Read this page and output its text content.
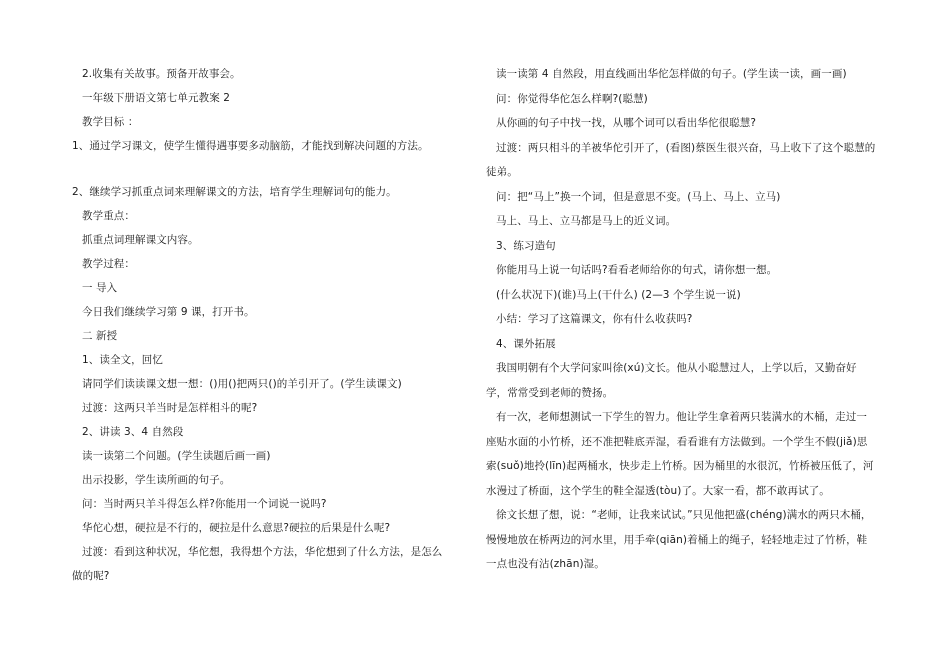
2.收集有关故事。预备开故事会。
一年级下册语文第七单元教案 2
教学目标 ：
1、通过学习课文，使学生懂得遇事要多动脑筋，才能找到解决问题的方法。
2、继续学习抓重点词来理解课文的方法，培育学生理解词句的能力。
教学重点：
抓重点词理解课文内容。
教学过程：
一 导入
今日我们继续学习第 9 课，打开书。
二 新授
1、读全文，回忆
请同学们读读课文想一想：()用()把两只()的羊引开了。(学生读课文)
过渡：这两只羊当时是怎样相斗的呢?
2、讲读 3、4 自然段
读一读第二个问题。(学生读题后画一画)
出示投影，学生读所画的句子。
问：当时两只羊斗得怎么样?你能用一个词说一说吗?
华佗心想，硬拉是不行的，硬拉是什么意思?硬拉的后果是什么呢?
过渡：看到这种状况，华佗想，我得想个方法，华佗想到了什么方法，是怎么做的呢?
读一读第 4 自然段，用直线画出华佗怎样做的句子。(学生读一读，画一画)
问：你觉得华佗怎么样啊?(聪慧)
从你画的句子中找一找，从哪个词可以看出华佗很聪慧?
过渡：两只相斗的羊被华佗引开了，(看图)蔡医生很兴奋，马上收下了这个聪慧的徒弟。
问：把“马上”换一个词，但是意思不变。(马上、马上、立马)
马上、马上、立马都是马上的近义词。
3、练习造句
你能用马上说一句话吗?看看老师给你的句式，请你想一想。
(什么状况下)(谁)马上(干什么) (2—3 个学生说一说)
小结：学习了这篇课文，你有什么收获吗?
4、课外拓展
我国明朝有个大学问家叫徐(xú)文长。他从小聪慧过人，上学以后，又勤奋好学，常常受到老师的赞扬。
有一次，老师想测试一下学生的智力。他让学生拿着两只装满水的木桶，走过一座贴水面的小竹桥，还不准把鞋底弄湿，看看谁有方法做到。一个学生不假(jiǎ)思索(suǒ)地拎(līn)起两桶水，快步走上竹桥。因为桶里的水很沉，竹桥被压低了，河水漫过了桥面，这个学生的鞋全湿透(tòu)了。大家一看，都不敢再试了。
徐文长想了想，说：“老师，让我来试试。”只见他把盛(chéng)满水的两只木桶，慢慢地放在桥两边的河水里，用手牵(qiān)着桶上的绳子，轻轻地走过了竹桥，鞋一点也没有沾(zhān)湿。
